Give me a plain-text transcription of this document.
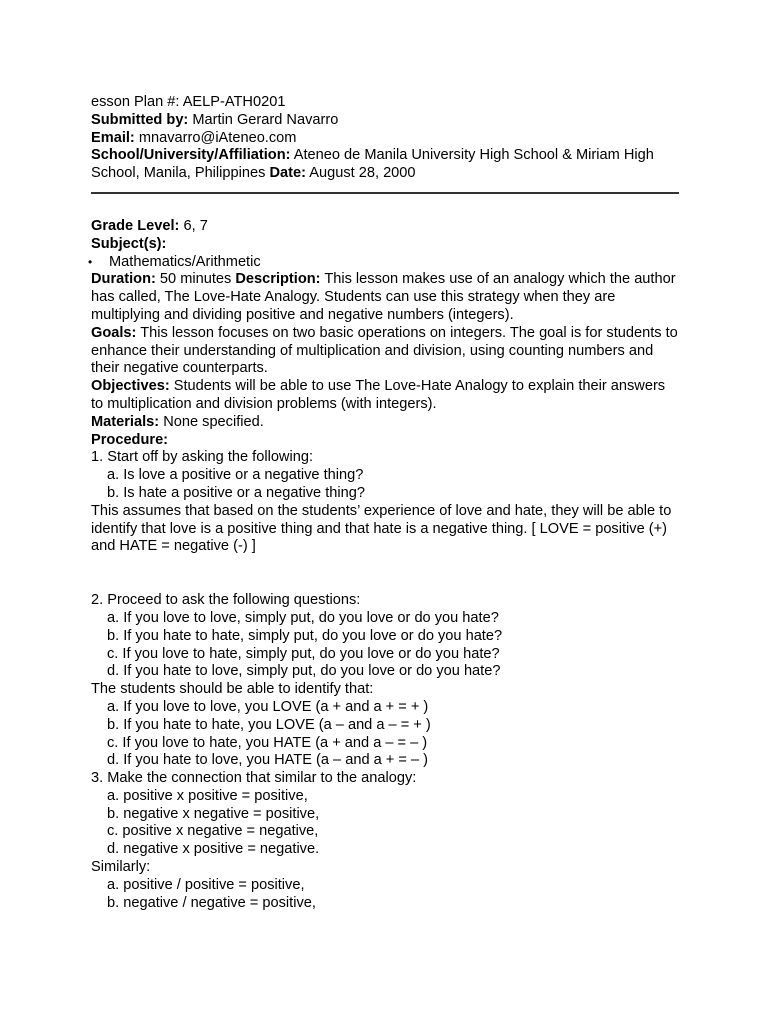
esson Plan #: AELP-ATH0201

Submitted by: Martin Gerard Navarro

Email: mnavarro@iAteneo.com

School/University/Affiliation: Ateneo de Manila University High School & Miriam High School, Manila, Philippines Date: August 28, 2000

Grade Level: 6, 7

Subject(s):

• Mathematics/Arithmetic

Duration: 50 minutes Description: This lesson makes use of an analogy which the author has called, The Love-Hate Analogy. Students can use this strategy when they are multiplying and dividing positive and negative numbers (integers).

Goals: This lesson focuses on two basic operations on integers. The goal is for students to enhance their understanding of multiplication and division, using counting numbers and their negative counterparts.

Objectives: Students will be able to use The Love-Hate Analogy to explain their answers to multiplication and division problems (with integers).

Materials: None specified.

Procedure:

1. Start off by asking the following:

a. Is love a positive or a negative thing?

b. Is hate a positive or a negative thing?

This assumes that based on the students’ experience of love and hate, they will be able to identify that love is a positive thing and that hate is a negative thing. [ LOVE = positive (+) and HATE = negative (-) ]

2. Proceed to ask the following questions:

a. If you love to love, simply put, do you love or do you hate?

b. If you hate to hate, simply put, do you love or do you hate?

c. If you love to hate, simply put, do you love or do you hate?

d. If you hate to love, simply put, do you love or do you hate?

The students should be able to identify that:

a. If you love to love, you LOVE (a + and a + = + )

b. If you hate to hate, you LOVE (a – and a – = + )

c. If you love to hate, you HATE (a + and a – = – )

d. If you hate to love, you HATE (a – and a + = – )

3. Make the connection that similar to the analogy:

a. positive x positive = positive,

b. negative x negative = positive,

c. positive x negative = negative,

d. negative x positive = negative.

Similarly:

a. positive / positive = positive,

b. negative / negative = positive,
